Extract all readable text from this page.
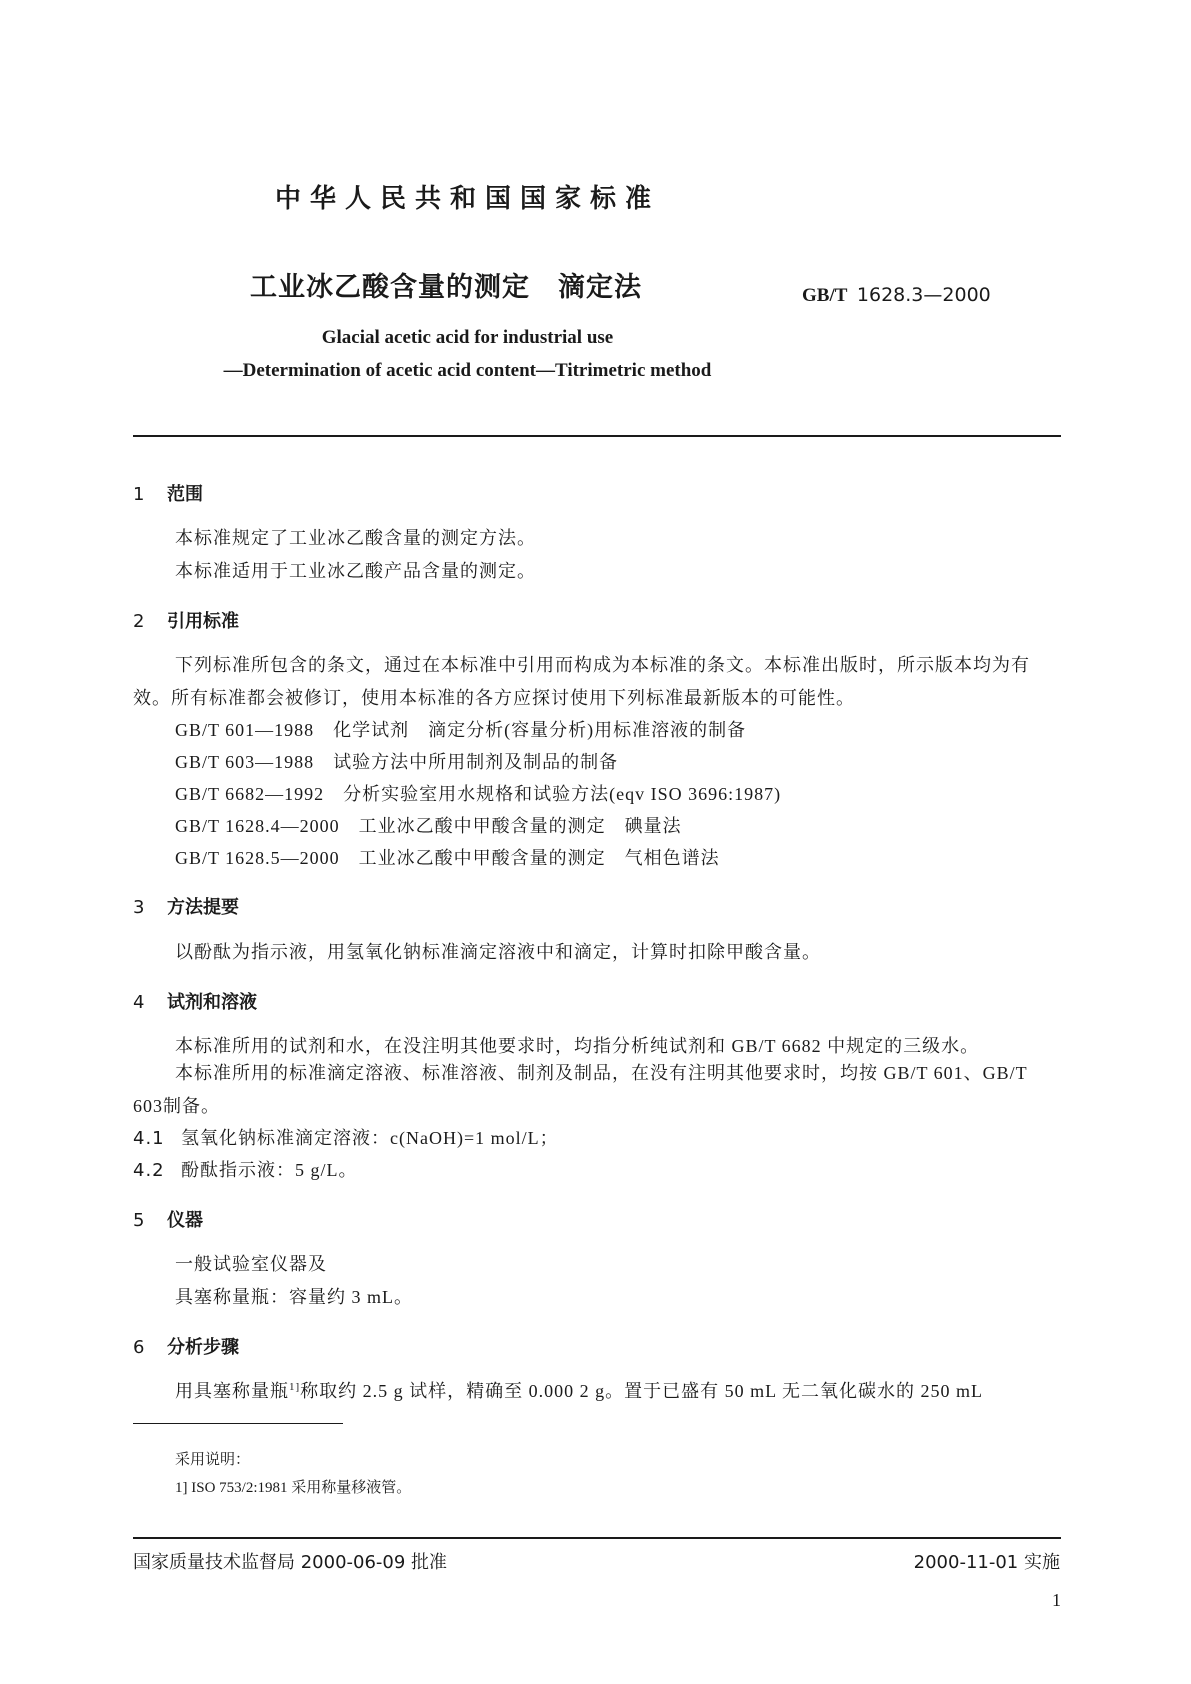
中华人民共和国国家标准
工业冰乙酸含量的测定　滴定法	GB/T 1628.3—2000
Glacial acetic acid for industrial use
—Determination of acetic acid content—Titrimetric method
1 范围
本标准规定了工业冰乙酸含量的测定方法。
本标准适用于工业冰乙酸产品含量的测定。
2 引用标准
下列标准所包含的条文，通过在本标准中引用而构成为本标准的条文。本标准出版时，所示版本均为有效。所有标准都会被修订，使用本标准的各方应探讨使用下列标准最新版本的可能性。
GB/T 601—1988　化学试剂　滴定分析(容量分析)用标准溶液的制备
GB/T 603—1988　试验方法中所用制剂及制品的制备
GB/T 6682—1992　分析实验室用水规格和试验方法(eqv ISO 3696:1987)
GB/T 1628.4—2000　工业冰乙酸中甲酸含量的测定　碘量法
GB/T 1628.5—2000　工业冰乙酸中甲酸含量的测定　气相色谱法
3 方法提要
以酚酞为指示液，用氢氧化钠标准滴定溶液中和滴定，计算时扣除甲酸含量。
4 试剂和溶液
本标准所用的试剂和水，在没注明其他要求时，均指分析纯试剂和 GB/T 6682 中规定的三级水。
本标准所用的标准滴定溶液、标准溶液、制剂及制品，在没有注明其他要求时，均按 GB/T 601、GB/T 603制备。
4.1 氢氧化钠标准滴定溶液：c(NaOH)=1 mol/L；
4.2 酚酞指示液：5 g/L。
5 仪器
一般试验室仪器及
具塞称量瓶：容量约 3 mL。
6 分析步骤
用具塞称量瓶$^{1]}$称取约 2.5 g 试样，精确至 0.000 2 g。置于已盛有 50 mL 无二氧化碳水的 250 mL
采用说明：
1] ISO 753/2:1981 采用称量移液管。
国家质量技术监督局 2000-06-09 批准	2000-11-01 实施
1
